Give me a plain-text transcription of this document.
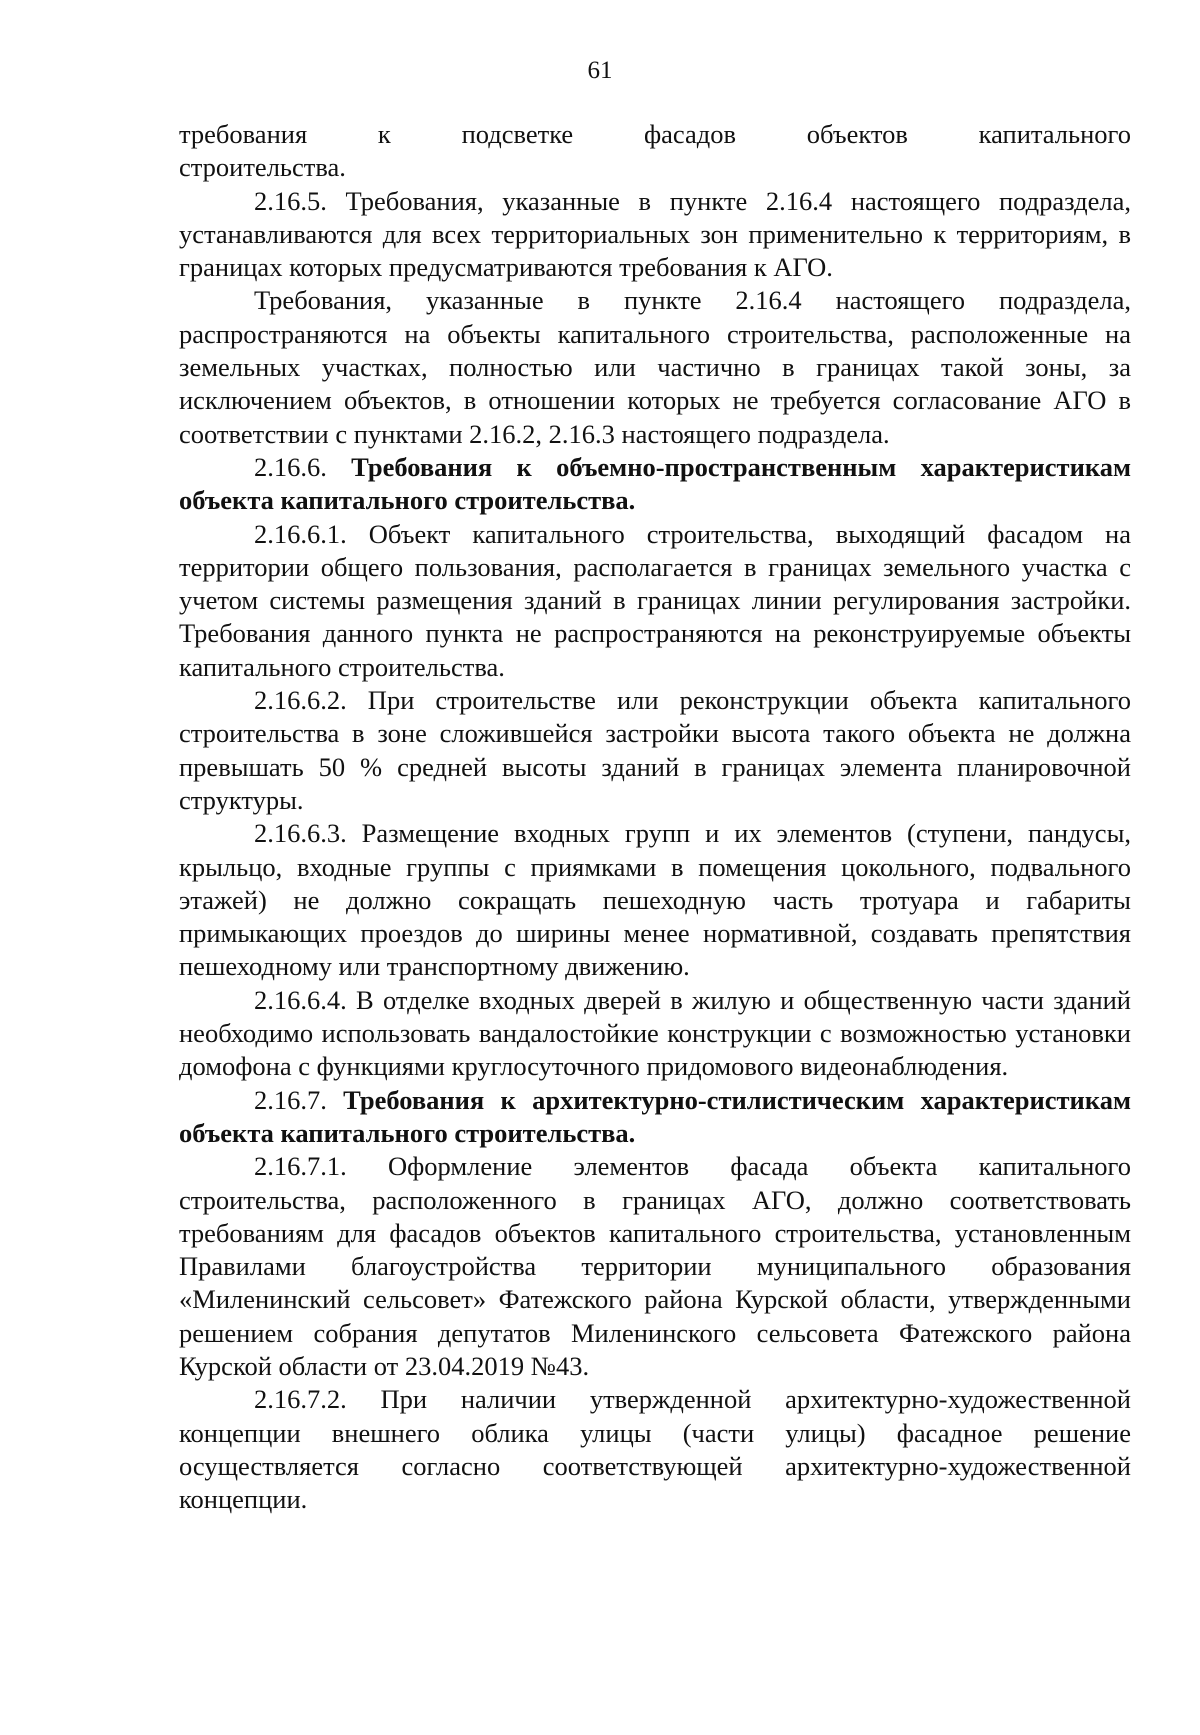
61

требования к подсветке фасадов объектов капитального
строительства.

2.16.5. Требования, указанные в пункте 2.16.4 настоящего подраздела, устанавливаются для всех территориальных зон применительно к территориям, в границах которых предусматриваются требования к АГО.

Требования, указанные в пункте 2.16.4 настоящего подраздела, распространяются на объекты капитального строительства, расположенные на земельных участках, полностью или частично в границах такой зоны, за исключением объектов, в отношении которых не требуется согласование АГО в соответствии с пунктами 2.16.2, 2.16.3 настоящего подраздела.

2.16.6. Требования к объемно-пространственным характеристикам объекта капитального строительства.

2.16.6.1. Объект капитального строительства, выходящий фасадом на территории общего пользования, располагается в границах земельного участка с учетом системы размещения зданий в границах линии регулирования застройки. Требования данного пункта не распространяются на реконструируемые объекты капитального строительства.

2.16.6.2. При строительстве или реконструкции объекта капитального строительства в зоне сложившейся застройки высота такого объекта не должна превышать 50 % средней высоты зданий в границах элемента планировочной структуры.

2.16.6.3. Размещение входных групп и их элементов (ступени, пандусы, крыльцо, входные группы с приямками в помещения цокольного, подвального этажей) не должно сокращать пешеходную часть тротуара и габариты примыкающих проездов до ширины менее нормативной, создавать препятствия пешеходному или транспортному движению.

2.16.6.4. В отделке входных дверей в жилую и общественную части зданий необходимо использовать вандалостойкие конструкции с возможностью установки домофона с функциями круглосуточного придомового видеонаблюдения.

2.16.7. Требования к архитектурно-стилистическим характеристикам объекта капитального строительства.

2.16.7.1. Оформление элементов фасада объекта капитального строительства, расположенного в границах АГО, должно соответствовать требованиям для фасадов объектов капитального строительства, установленным Правилами благоустройства территории муниципального образования «Миленинский сельсовет» Фатежского района Курской области, утвержденными решением собрания депутатов Миленинского сельсовета Фатежского района Курской области от 23.04.2019 №43.

2.16.7.2. При наличии утвержденной архитектурно-художественной концепции внешнего облика улицы (части улицы) фасадное решение осуществляется согласно соответствующей архитектурно-художественной концепции.
